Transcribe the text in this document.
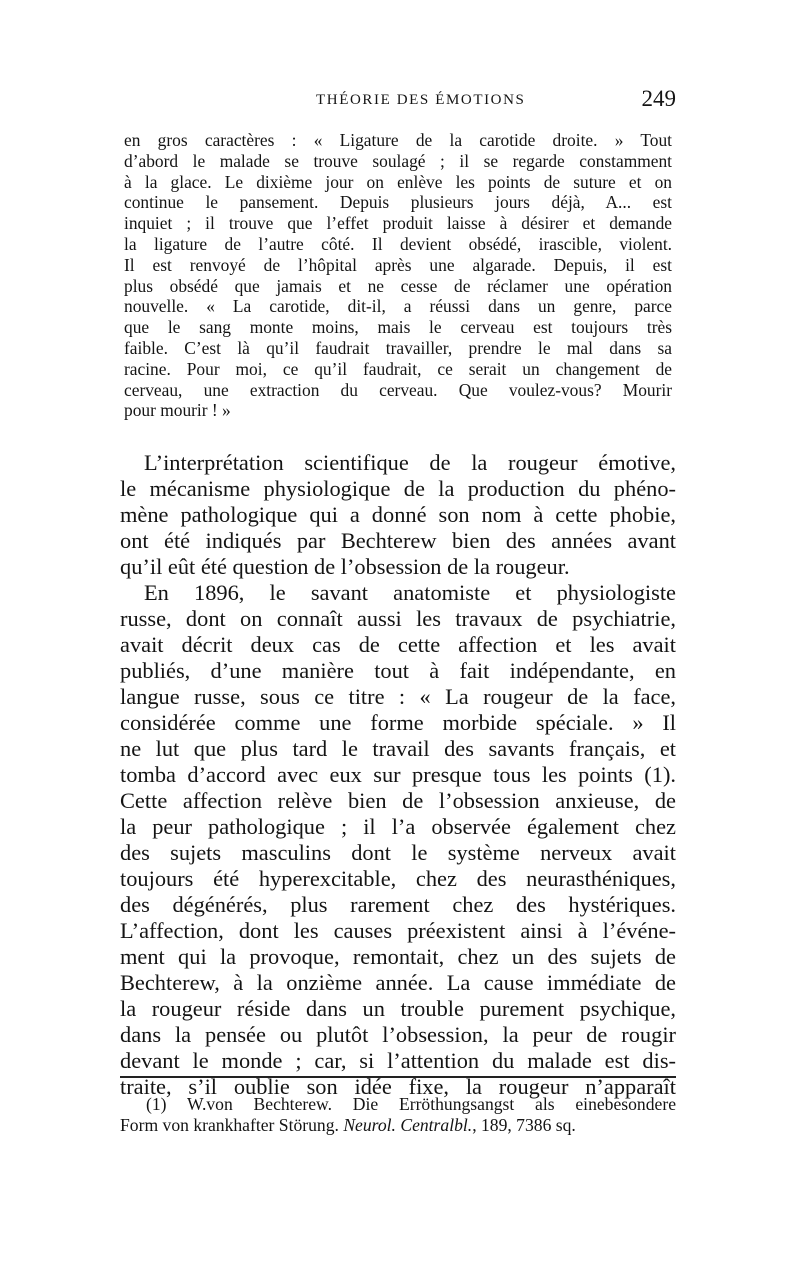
THÉORIE DES ÉMOTIONS	249
en gros caractères : « Ligature de la carotide droite. » Tout
d’abord le malade se trouve soulagé ; il se regarde constamment
à la glace. Le dixième jour on enlève les points de suture et on
continue le pansement. Depuis plusieurs jours déjà, A... est
inquiet ; il trouve que l’effet produit laisse à désirer et demande
la ligature de l’autre côté. Il devient obsédé, irascible, violent.
Il est renvoyé de l’hôpital après une algarade. Depuis, il est
plus obsédé que jamais et ne cesse de réclamer une opération
nouvelle. « La carotide, dit-il, a réussi dans un genre, parce
que le sang monte moins, mais le cerveau est toujours très
faible. C’est là qu’il faudrait travailler, prendre le mal dans sa
racine. Pour moi, ce qu’il faudrait, ce serait un changement de
cerveau, une extraction du cerveau. Que voulez-vous? Mourir
pour mourir ! »
L’interprétation scientifique de la rougeur émotive,
le mécanisme physiologique de la production du phéno-
mène pathologique qui a donné son nom à cette phobie,
ont été indiqués par Bechterew bien des années avant
qu’il eût été question de l’obsession de la rougeur.
En 1896, le savant anatomiste et physiologiste
russe, dont on connaît aussi les travaux de psychiatrie,
avait décrit deux cas de cette affection et les avait
publiés, d’une manière tout à fait indépendante, en
langue russe, sous ce titre : « La rougeur de la face,
considérée comme une forme morbide spéciale. » Il
ne lut que plus tard le travail des savants français, et
tomba d’accord avec eux sur presque tous les points (1).
Cette affection relève bien de l’obsession anxieuse, de
la peur pathologique ; il l’a observée également chez
des sujets masculins dont le système nerveux avait
toujours été hyperexcitable, chez des neurasthéniques,
des dégénérés, plus rarement chez des hystériques.
L’affection, dont les causes préexistent ainsi à l’événe-
ment qui la provoque, remontait, chez un des sujets de
Bechterew, à la onzième année. La cause immédiate de
la rougeur réside dans un trouble purement psychique,
dans la pensée ou plutôt l’obsession, la peur de rougir
devant le monde ; car, si l’attention du malade est dis-
traite, s’il oublie son idée fixe, la rougeur n’apparaît
(1) W.von Bechterew. Die Erröthungsangst als einebesondere
Form von krankhafter Störung. Neurol. Centralbl., 189, 7386 sq.
